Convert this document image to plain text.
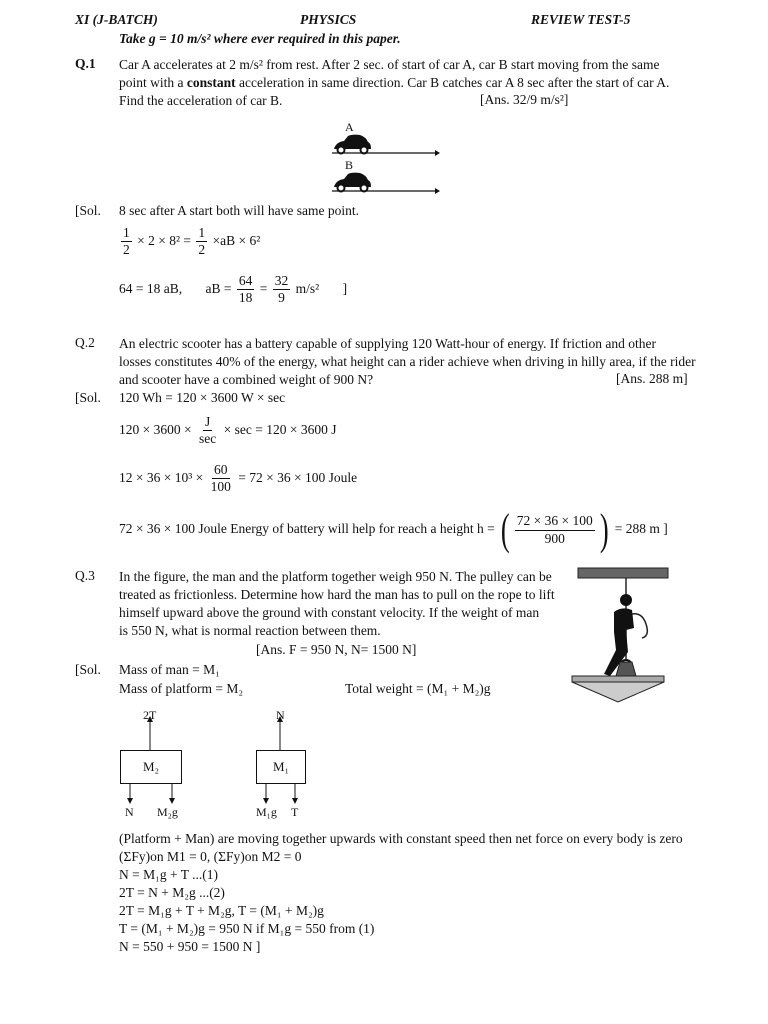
XI (J-BATCH)	PHYSICS	REVIEW TEST-5
Take g = 10 m/s² where ever required in this paper.
Q.1 Car A accelerates at 2 m/s² from rest. After 2 sec. of start of car A, car B start moving from the same
point with a constant acceleration in same direction. Car B catches car A 8 sec after the start of car A.
Find the acceleration of car B.	[Ans. 32/9 m/s²]
A
B
[Sol. 8 sec after A start both will have same point.
$\frac{1}{2} \times 2 \times 8^2 = \frac{1}{2} \times aB \times 6^2$
64 = 18 aB, aB = $\frac{64}{18} = \frac{32}{9} m/s^2$ ]
Q.2 An electric scooter has a battery capable of supplying 120 Watt-hour of energy. If friction and other
losses constitutes 40% of the energy, what height can a rider achieve when driving in hilly area, if the rider
and scooter have a combined weight of 900 N?	[Ans. 288 m]
[Sol. 120 Wh = 120 × 3600 W × sec
$120 \times 3600 \times \frac{J}{\sec} \times \sec = 120 \times 3600$ J
$12 \times 36 \times 10^3 \times \frac{60}{100} = 72 \times 36 \times 100$ Joule
72 × 36 × 100 Joule Energy of battery will help for reach a height h = ( $\frac{72 \times 36 \times 100}{900}$ ) = 288 m ]
Q.3 In the figure, the man and the platform together weigh 950 N. The pulley can be
treated as frictionless. Determine how hard the man has to pull on the rope to lift
himself upward above the ground with constant velocity. If the weight of man
is 550 N, what is normal reaction between them.
[Ans. F = 950 N, N= 1500 N]
[Sol. Mass of man = M₁
Mass of platform = M₂	Total weight = (M₁ + M₂)g
M₂
2T
N M₂g
M₁
N
M₁g T
(Platform + Man) are moving together upwards with constant speed then net force on every body is zero
(ΣFy)on M1 = 0, (ΣFy)on M2 = 0
N = M₁g + T ...(1)
2T = N + M₂g ...(2)
2T = M₁g + T + M₂g, T = (M₁ + M₂)g
T = (M₁ + M₂)g = 950 N if M₁g = 550 from (1)
N = 550 + 950 = 1500 N ]
